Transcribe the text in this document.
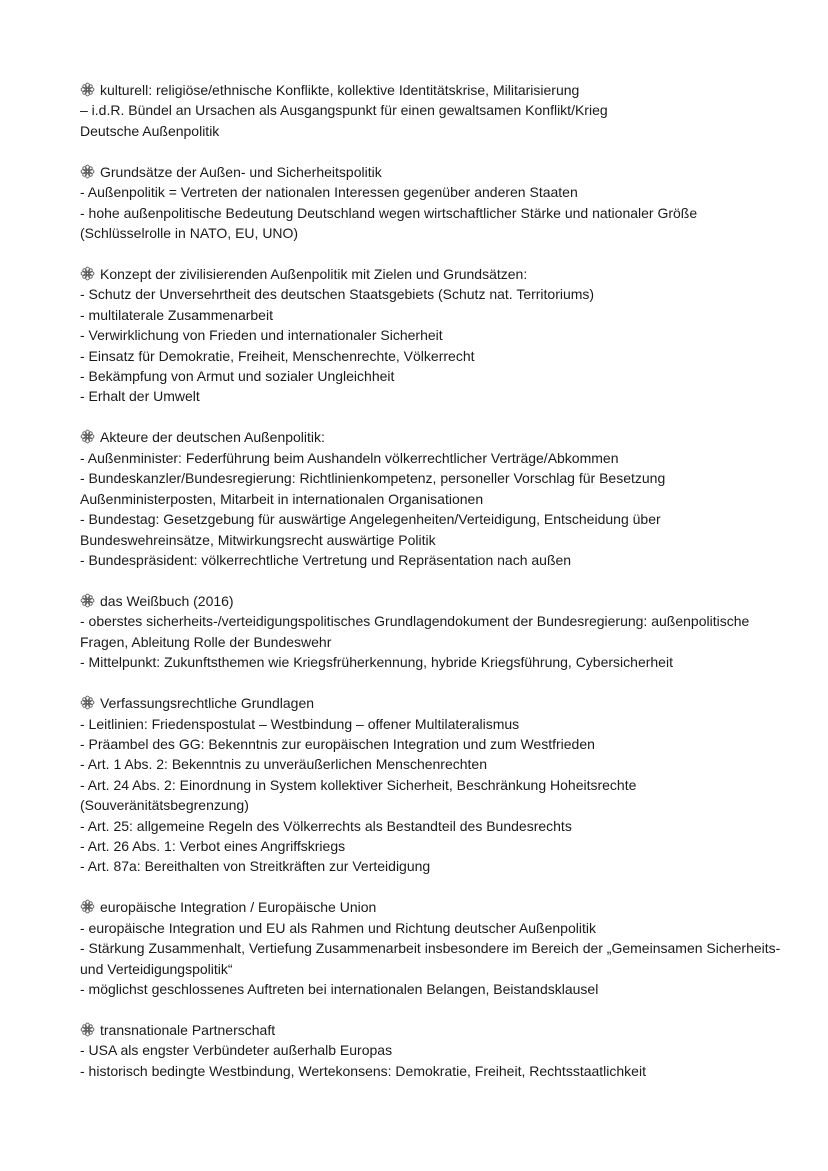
kulturell: religiöse/ethnische Konflikte, kollektive Identitätskrise, Militarisierung
– i.d.R. Bündel an Ursachen als Ausgangspunkt für einen gewaltsamen Konflikt/Krieg
Deutsche Außenpolitik
Grundsätze der Außen- und Sicherheitspolitik
- Außenpolitik = Vertreten der nationalen Interessen gegenüber anderen Staaten
- hohe außenpolitische Bedeutung Deutschland wegen wirtschaftlicher Stärke und nationaler Größe (Schlüsselrolle in NATO, EU, UNO)
Konzept der zivilisierenden Außenpolitik mit Zielen und Grundsätzen:
- Schutz der Unversehrtheit des deutschen Staatsgebiets (Schutz nat. Territoriums)
- multilaterale Zusammenarbeit
- Verwirklichung von Frieden und internationaler Sicherheit
- Einsatz für Demokratie, Freiheit, Menschenrechte, Völkerrecht
- Bekämpfung von Armut und sozialer Ungleichheit
- Erhalt der Umwelt
Akteure der deutschen Außenpolitik:
- Außenminister: Federführung beim Aushandeln völkerrechtlicher Verträge/Abkommen
- Bundeskanzler/Bundesregierung: Richtlinienkompetenz, personeller Vorschlag für Besetzung Außenministerposten, Mitarbeit in internationalen Organisationen
- Bundestag: Gesetzgebung für auswärtige Angelegenheiten/Verteidigung, Entscheidung über Bundeswehreinsätze, Mitwirkungsrecht auswärtige Politik
- Bundespräsident: völkerrechtliche Vertretung und Repräsentation nach außen
das Weißbuch (2016)
- oberstes sicherheits-/verteidigungspolitisches Grundlagendokument der Bundesregierung: außenpolitische Fragen, Ableitung Rolle der Bundeswehr
- Mittelpunkt: Zukunftsthemen wie Kriegsfrüherkennung, hybride Kriegsführung, Cybersicherheit
Verfassungsrechtliche Grundlagen
- Leitlinien: Friedenspostulat – Westbindung – offener Multilateralismus
- Präambel des GG: Bekenntnis zur europäischen Integration und zum Westfrieden
- Art. 1 Abs. 2: Bekenntnis zu unveräußerlichen Menschenrechten
- Art. 24 Abs. 2: Einordnung in System kollektiver Sicherheit, Beschränkung Hoheitsrechte (Souveränitätsbegrenzung)
- Art. 25: allgemeine Regeln des Völkerrechts als Bestandteil des Bundesrechts
- Art. 26 Abs. 1: Verbot eines Angriffskriegs
- Art. 87a: Bereithalten von Streitkräften zur Verteidigung
europäische Integration / Europäische Union
- europäische Integration und EU als Rahmen und Richtung deutscher Außenpolitik
- Stärkung Zusammenhalt, Vertiefung Zusammenarbeit insbesondere im Bereich der „Gemeinsamen Sicherheits- und Verteidigungspolitik“
- möglichst geschlossenes Auftreten bei internationalen Belangen, Beistandsklausel
transnationale Partnerschaft
- USA als engster Verbündeter außerhalb Europas
- historisch bedingte Westbindung, Wertekonsens: Demokratie, Freiheit, Rechtsstaatlichkeit
